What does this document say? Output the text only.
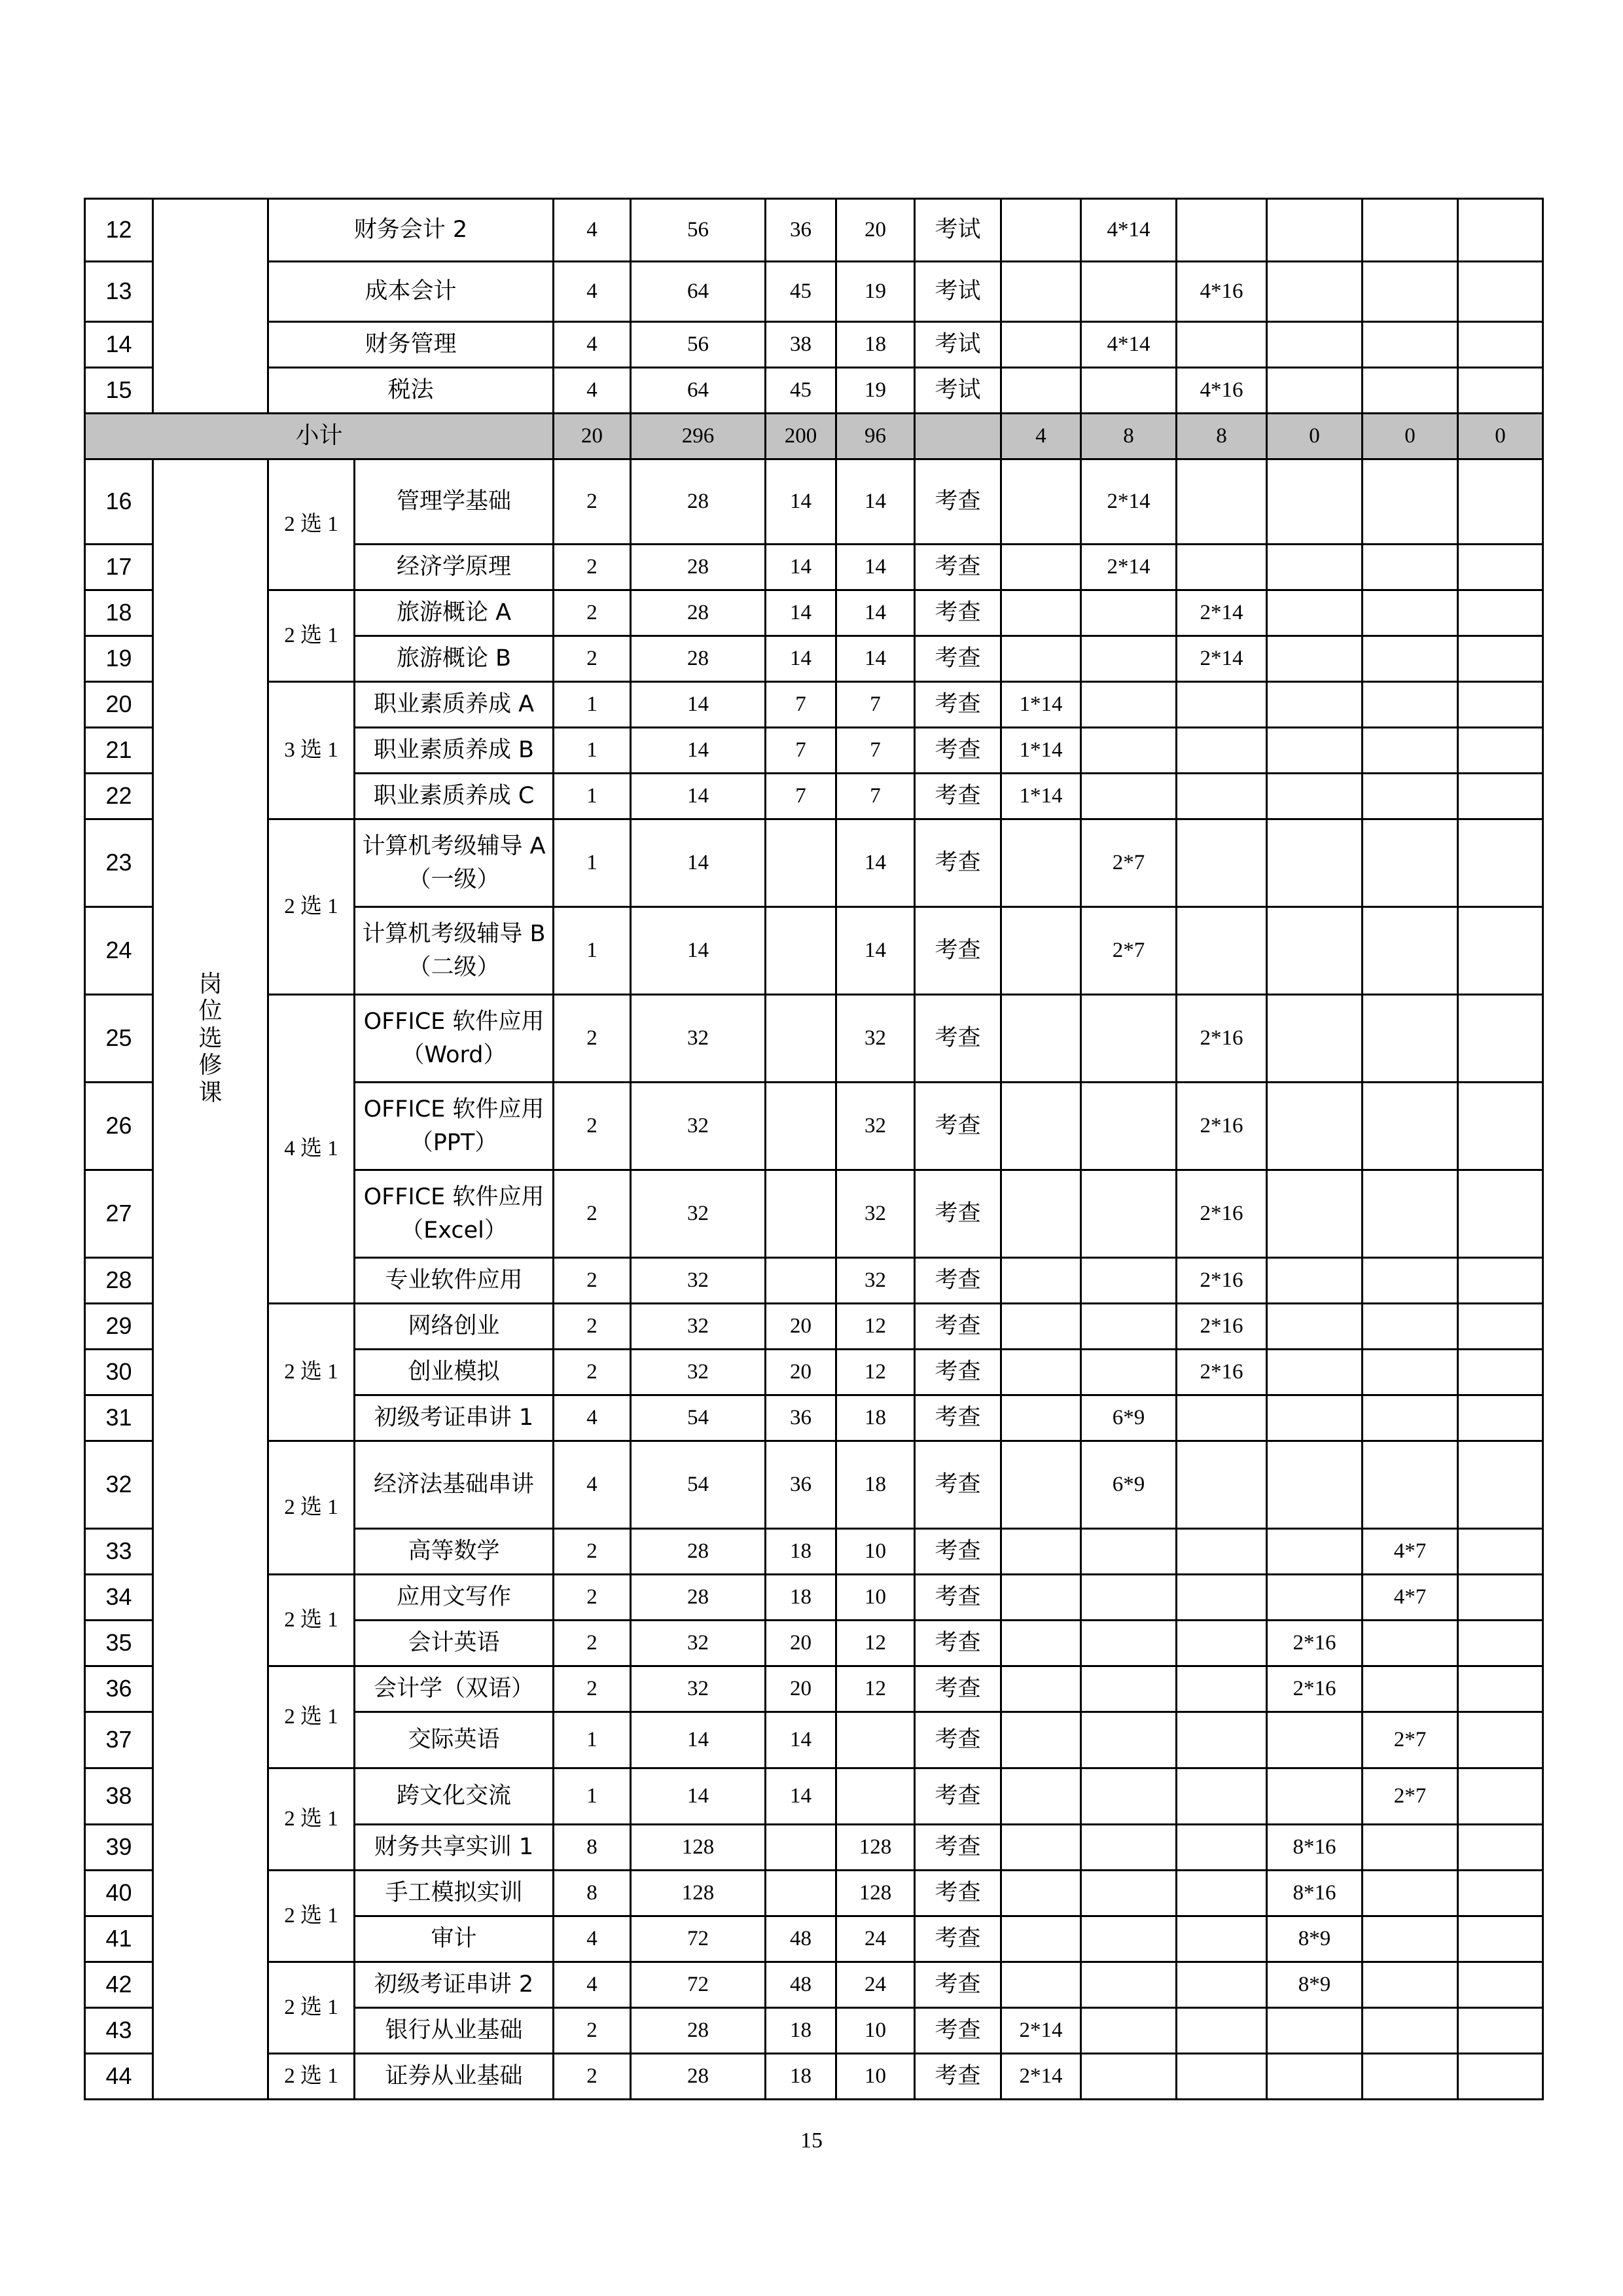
12		财务会计 2		4	56	36	20	考试		4*14				
13		成本会计		4	64	45	19	考试			4*16			
14		财务管理		4	56	38	18	考试		4*14				
15		税法		4	64	45	19	考试			4*16			
小计				20	296	200	96		4	8	8	0	0	0
16	岗位选修课	2 选 1	管理学基础	2	28	14	14	考查		2*14				
17			经济学原理	2	28	14	14	考查		2*14				
18		2 选 1	旅游概论 A	2	28	14	14	考查			2*14			
19			旅游概论 B	2	28	14	14	考查			2*14			
20		3 选 1	职业素质养成 A	1	14	7	7	考查	1*14					
21			职业素质养成 B	1	14	7	7	考查	1*14					
22			职业素质养成 C	1	14	7	7	考查	1*14					
23		2 选 1	计算机考级辅导 A（一级）	1	14		14	考查		2*7				
24			计算机考级辅导 B（二级）	1	14		14	考查		2*7				
25		4 选 1	OFFICE 软件应用（Word）	2	32		32	考查			2*16			
26			OFFICE 软件应用（PPT）	2	32		32	考查			2*16			
27			OFFICE 软件应用（Excel）	2	32		32	考查			2*16			
28			专业软件应用	2	32		32	考查			2*16			
29		2 选 1	网络创业	2	32	20	12	考查			2*16			
30			创业模拟	2	32	20	12	考查			2*16			
31			初级考证串讲 1	4	54	36	18	考查		6*9				
32		2 选 1	经济法基础串讲	4	54	36	18	考查		6*9				
33			高等数学	2	28	18	10	考查					4*7	
34		2 选 1	应用文写作	2	28	18	10	考查					4*7	
35			会计英语	2	32	20	12	考查				2*16		
36		2 选 1	会计学（双语）	2	32	20	12	考查				2*16		
37			交际英语	1	14	14		考查					2*7	
38		2 选 1	跨文化交流	1	14	14		考查					2*7	
39			财务共享实训 1	8	128		128	考查				8*16		
40		2 选 1	手工模拟实训	8	128		128	考查				8*16		
41			审计	4	72	48	24	考查				8*9		
42		2 选 1	初级考证串讲 2	4	72	48	24	考查				8*9		
43			银行从业基础	2	28	18	10	考查	2*14					
44		2 选 1	证券从业基础	2	28	18	10	考查	2*14					
15
